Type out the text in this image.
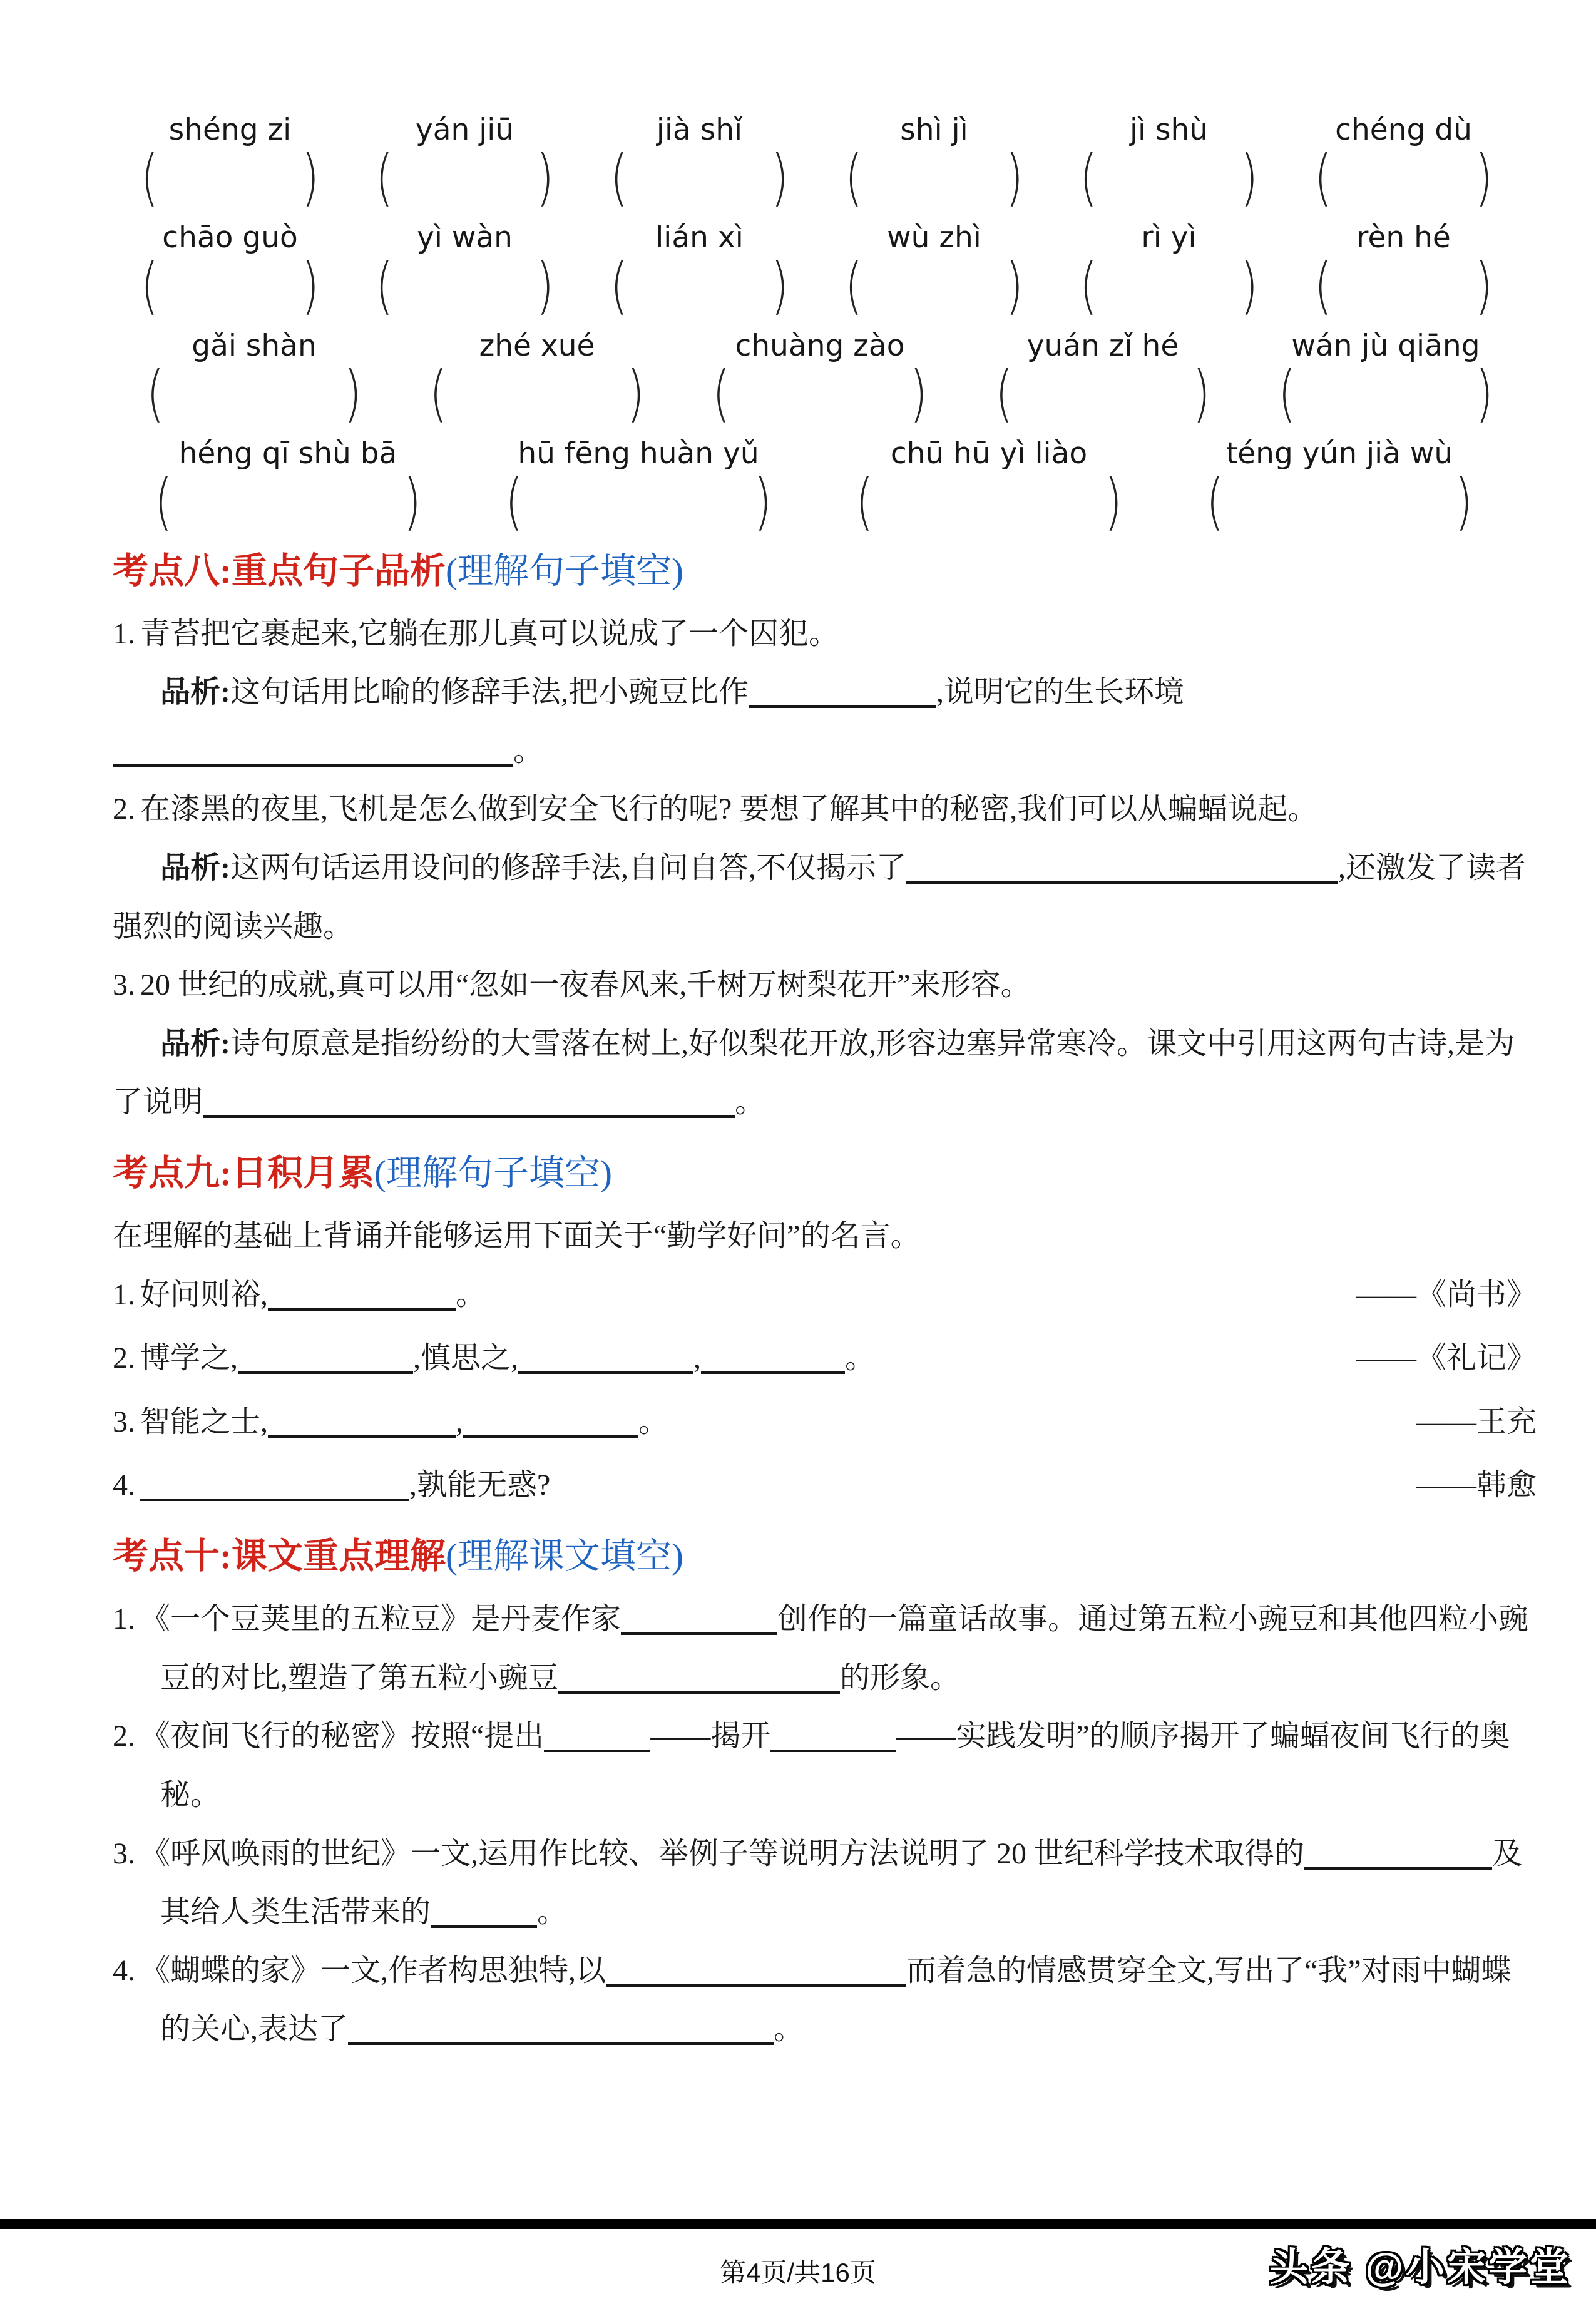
shéng zi
(	)
yán jiū
(	)
jià shǐ
(	)
shì jì
(	)
jì shù
(	)
chéng dù
(	)
chāo guò
(	)
yì wàn
(	)
lián xì
(	)
wù zhì
(	)
rì yì
(	)
rèn hé
(	)
gǎi shàn
(	)
zhé xué
(	)
chuàng zào
(	)
yuán zǐ hé
(	)
wán jù qiāng
(	)
héng qī shù bā
(	)
hū fēng huàn yǔ
(	)
chū hū yì liào
(	)
téng yún jià wù
(	)
考点八:重点句子品析(理解句子填空)

1. 青苔把它裹起来,它躺在那儿真可以说成了一个囚犯。

品析:这句话用比喻的修辞手法,把小豌豆比作	,说明它的生长环境。

2. 在漆黑的夜里,飞机是怎么做到安全飞行的呢? 要想了解其中的秘密,我们可以从蝙蝠说起。

品析:这两句话运用设问的修辞手法,自问自答,不仅揭示了	,还激发了读者强烈的阅读兴趣。

3. 20 世纪的成就,真可以用“忽如一夜春风来,千树万树梨花开”来形容。

品析:诗句原意是指纷纷的大雪落在树上,好似梨花开放,形容边塞异常寒冷。课文中引用这两句古诗,是为了说明	。

考点九:日积月累(理解句子填空)

在理解的基础上背诵并能够运用下面关于“勤学好问”的名言。

1. 好问则裕,	。	——《尚书》

2. 博学之,	,慎思之,	,	。	——《礼记》

3. 智能之士,	,	。	——王充

4.	,孰能无惑?	——韩愈
考点十:课文重点理解(理解课文填空)

1. 《一个豆荚里的五粒豆》是丹麦作家	创作的一篇童话故事。通过第五粒小豌豆和其他四粒小豌豆的对比,塑造了第五粒小豌豆	的形象。

2. 《夜间飞行的秘密》按照“提出	——揭开	——实践发明”的顺序揭开了蝙蝠夜间飞行的奥秘。

3. 《呼风唤雨的世纪》一文,运用作比较、举例子等说明方法说明了 20 世纪科学技术取得的	及其给人类生活带来的	。

4. 《蝴蝶的家》一文,作者构思独特,以	而着急的情感贯穿全文,写出了“我”对雨中蝴蝶的关心,表达了	。

第4页/共16页	头条 @小宋学堂
